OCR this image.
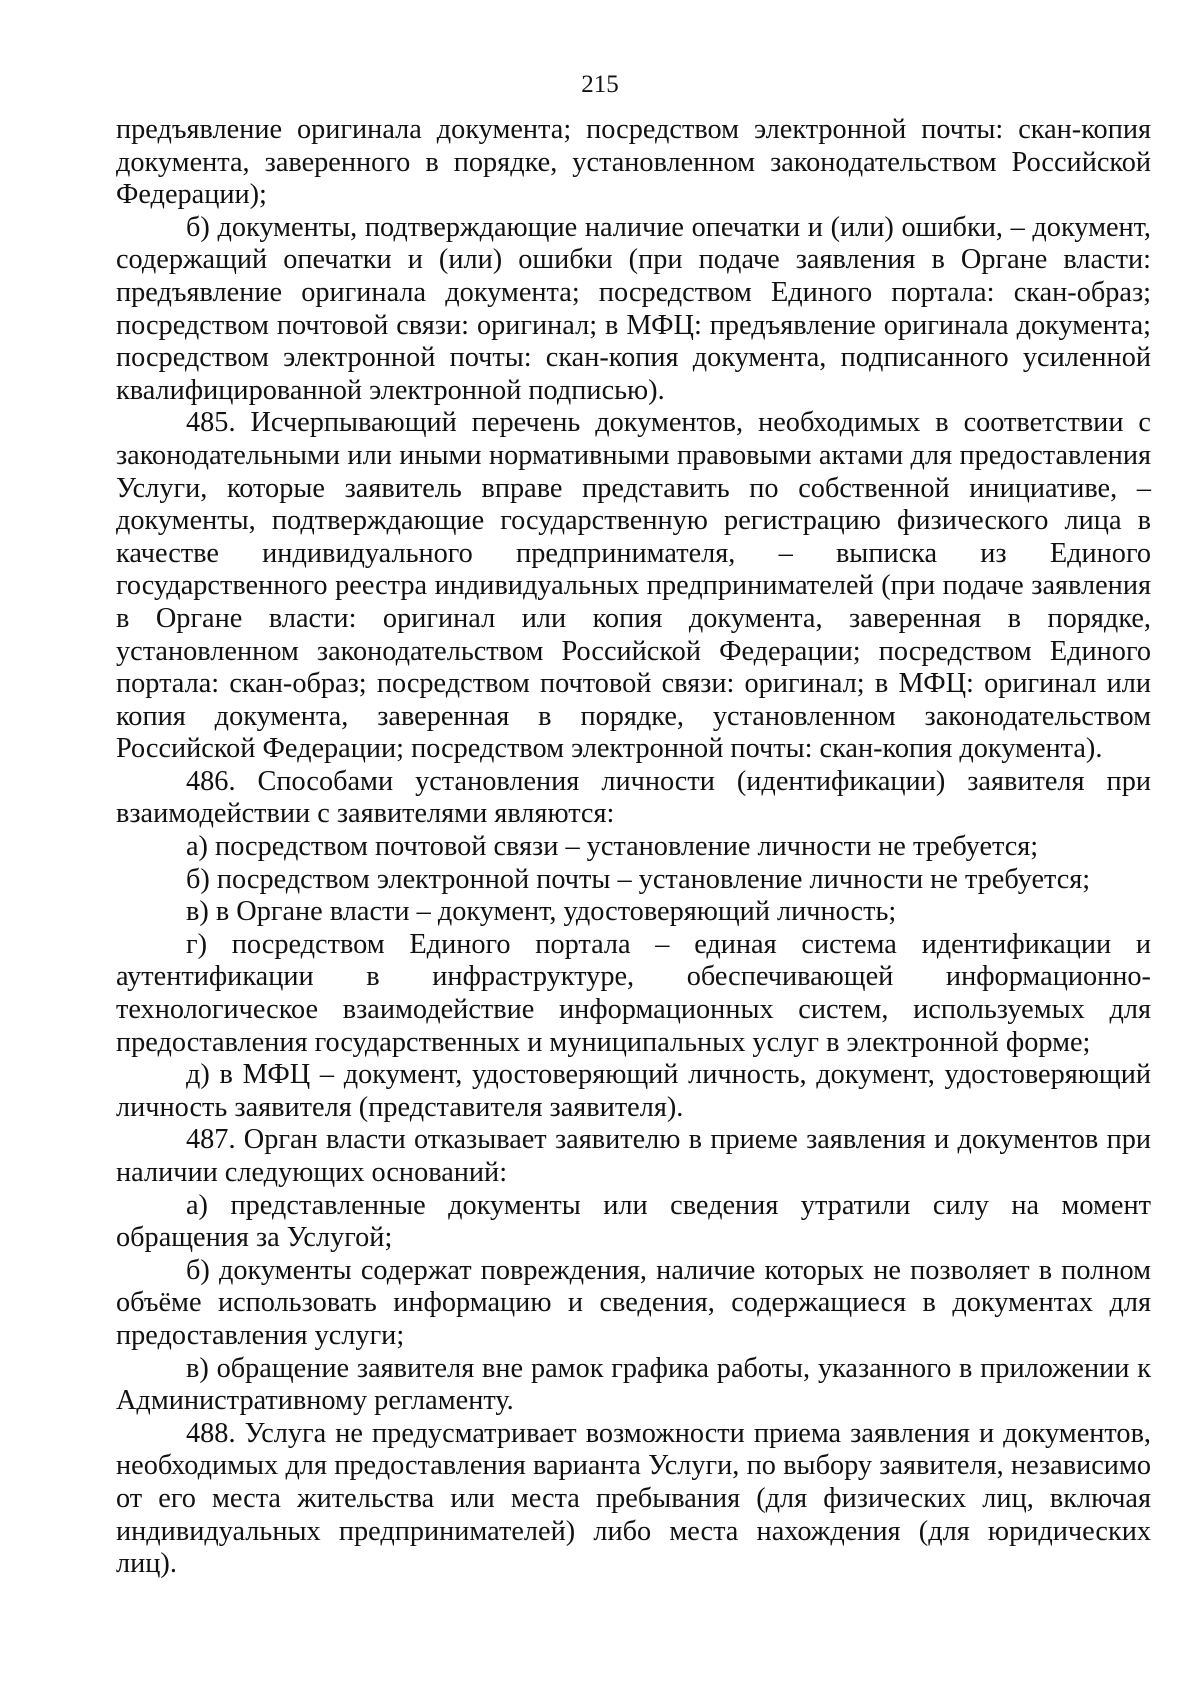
215

предъявление оригинала документа; посредством электронной почты: скан-копия документа, заверенного в порядке, установленном законодательством Российской Федерации);

б) документы, подтверждающие наличие опечатки и (или) ошибки, – документ, содержащий опечатки и (или) ошибки (при подаче заявления в Органе власти: предъявление оригинала документа; посредством Единого портала: скан-образ; посредством почтовой связи: оригинал; в МФЦ: предъявление оригинала документа; посредством электронной почты: скан-копия документа, подписанного усиленной квалифицированной электронной подписью).

485. Исчерпывающий перечень документов, необходимых в соответствии с законодательными или иными нормативными правовыми актами для предоставления Услуги, которые заявитель вправе представить по собственной инициативе, – документы, подтверждающие государственную регистрацию физического лица в качестве индивидуального предпринимателя, – выписка из Единого государственного реестра индивидуальных предпринимателей (при подаче заявления в Органе власти: оригинал или копия документа, заверенная в порядке, установленном законодательством Российской Федерации; посредством Единого портала: скан-образ; посредством почтовой связи: оригинал; в МФЦ: оригинал или копия документа, заверенная в порядке, установленном законодательством Российской Федерации; посредством электронной почты: скан-копия документа).

486. Способами установления личности (идентификации) заявителя при взаимодействии с заявителями являются:

а) посредством почтовой связи – установление личности не требуется;

б) посредством электронной почты – установление личности не требуется;

в) в Органе власти – документ, удостоверяющий личность;

г) посредством Единого портала – единая система идентификации и аутентификации в инфраструктуре, обеспечивающей информационно-технологическое взаимодействие информационных систем, используемых для предоставления государственных и муниципальных услуг в электронной форме;

д) в МФЦ – документ, удостоверяющий личность, документ, удостоверяющий личность заявителя (представителя заявителя).

487. Орган власти отказывает заявителю в приеме заявления и документов при наличии следующих оснований:

а) представленные документы или сведения утратили силу на момент обращения за Услугой;

б) документы содержат повреждения, наличие которых не позволяет в полном объёме использовать информацию и сведения, содержащиеся в документах для предоставления услуги;

в) обращение заявителя вне рамок графика работы, указанного в приложении к Административному регламенту.

488. Услуга не предусматривает возможности приема заявления и документов, необходимых для предоставления варианта Услуги, по выбору заявителя, независимо от его места жительства или места пребывания (для физических лиц, включая индивидуальных предпринимателей) либо места нахождения (для юридических лиц).
